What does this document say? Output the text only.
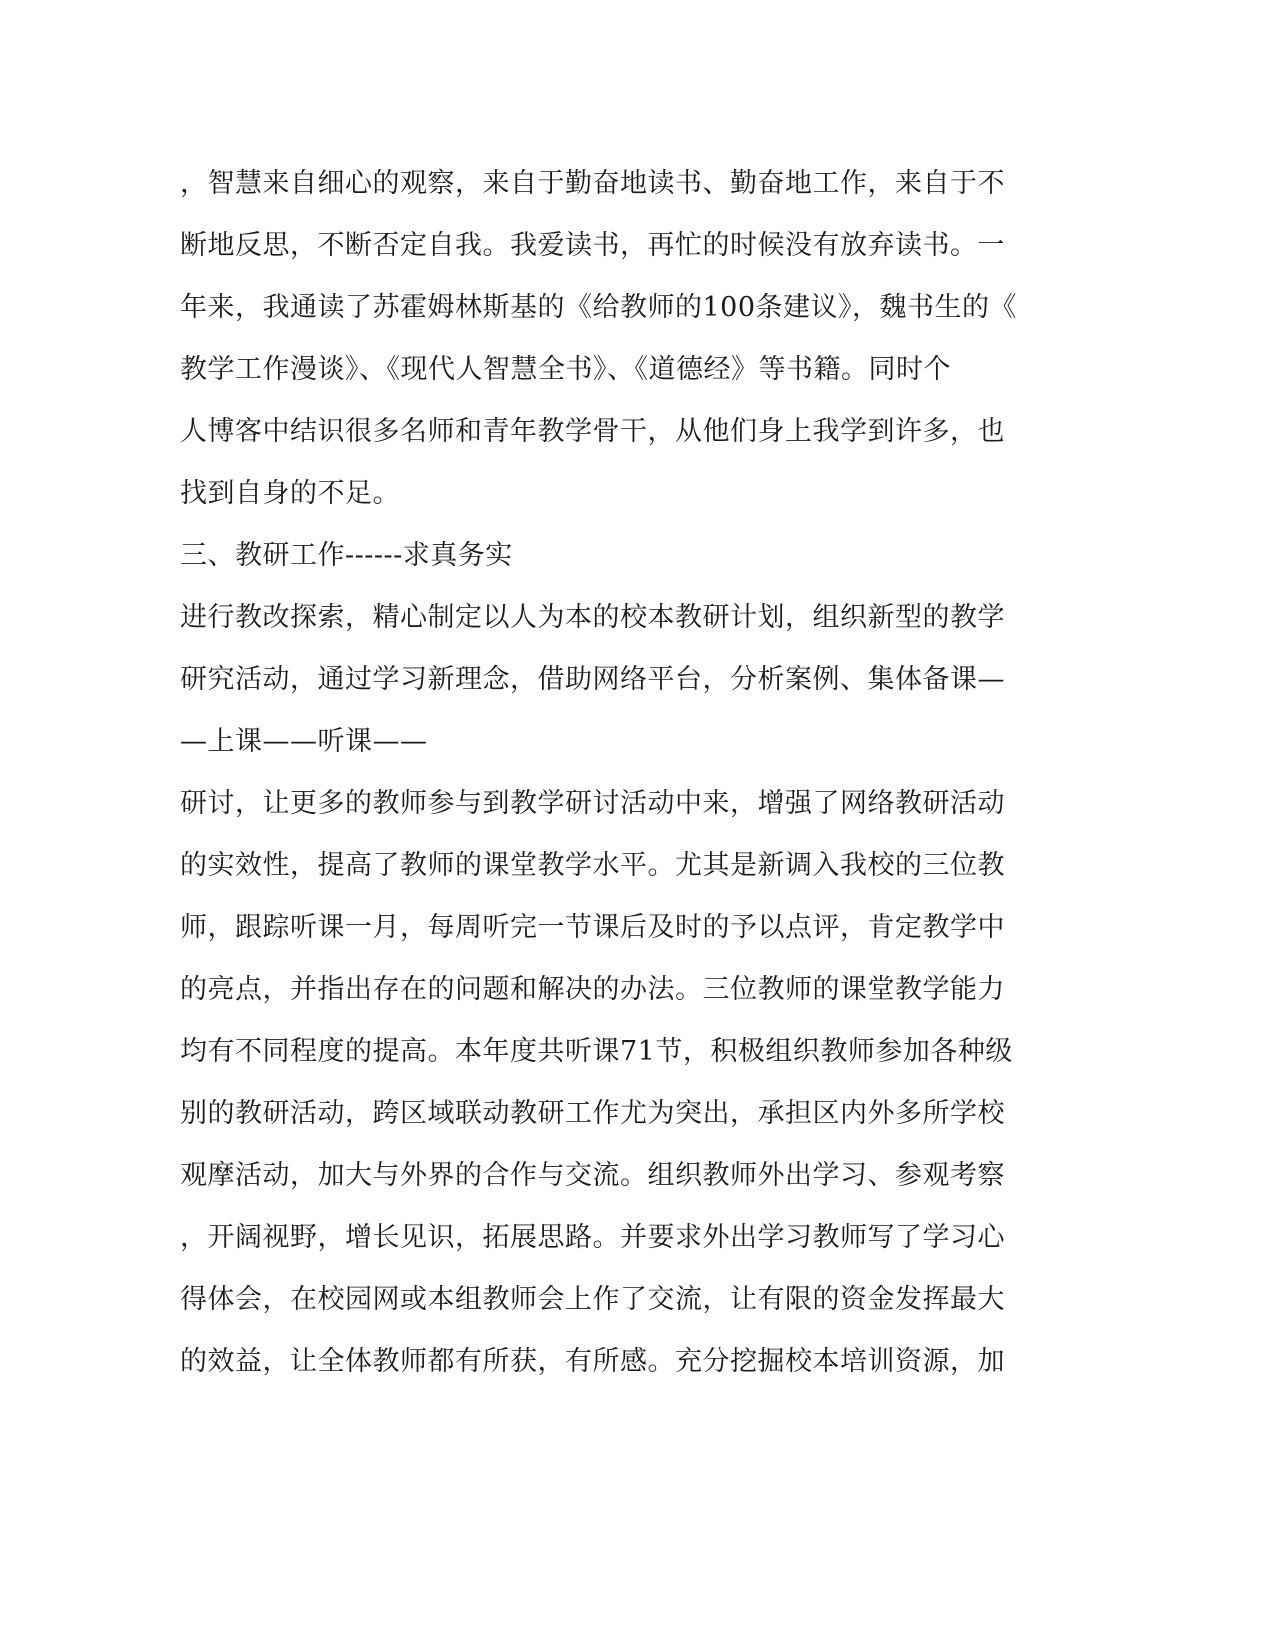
，智慧来自细心的观察，来自于勤奋地读书、勤奋地工作，来自于不
断地反思，不断否定自我。我爱读书，再忙的时候没有放弃读书。一
年来，我通读了苏霍姆林斯基的《给教师的100条建议》，魏书生的《
教学工作漫谈》、《现代人智慧全书》、《道德经》等书籍。同时个
人博客中结识很多名师和青年教学骨干，从他们身上我学到许多，也
找到自身的不足。
三、教研工作------求真务实
进行教改探索，精心制定以人为本的校本教研计划，组织新型的教学
研究活动，通过学习新理念，借助网络平台，分析案例、集体备课—
—上课——听课——
研讨，让更多的教师参与到教学研讨活动中来，增强了网络教研活动
的实效性，提高了教师的课堂教学水平。尤其是新调入我校的三位教
师，跟踪听课一月，每周听完一节课后及时的予以点评，肯定教学中
的亮点，并指出存在的问题和解决的办法。三位教师的课堂教学能力
均有不同程度的提高。本年度共听课71节，积极组织教师参加各种级
别的教研活动，跨区域联动教研工作尤为突出，承担区内外多所学校
观摩活动，加大与外界的合作与交流。组织教师外出学习、参观考察
，开阔视野，增长见识，拓展思路。并要求外出学习教师写了学习心
得体会，在校园网或本组教师会上作了交流，让有限的资金发挥最大
的效益，让全体教师都有所获，有所感。充分挖掘校本培训资源，加
